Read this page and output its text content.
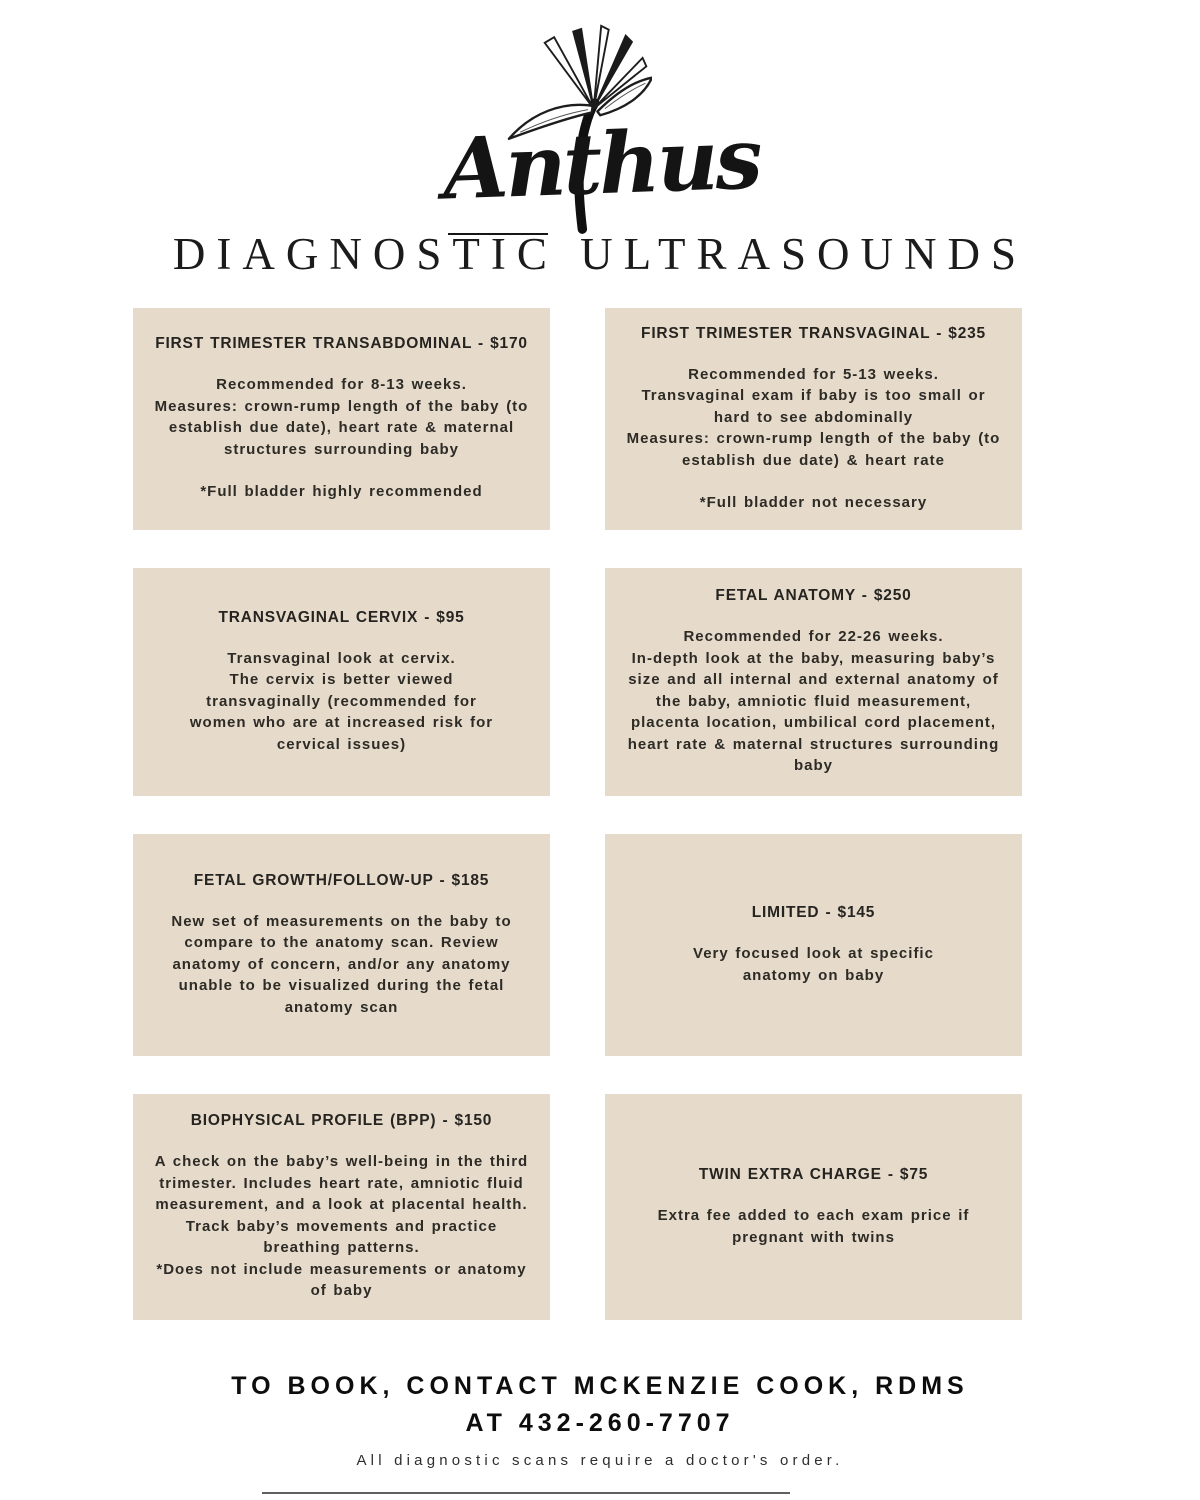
Anthus
DIAGNOSTIC ULTRASOUNDS
FIRST TRIMESTER TRANSABDOMINAL - $170

Recommended for 8-13 weeks.

Measures: crown-rump length of the baby (to establish due date), heart rate & maternal structures surrounding baby

*Full bladder highly recommended

FIRST TRIMESTER TRANSVAGINAL - $235

Recommended for 5-13 weeks.

Transvaginal exam if baby is too small or hard to see abdominally

Measures: crown-rump length of the baby (to establish due date) & heart rate

*Full bladder not necessary

TRANSVAGINAL CERVIX - $95

Transvaginal look at cervix.

The cervix is better viewed transvaginally (recommended for women who are at increased risk for cervical issues)

FETAL ANATOMY - $250

Recommended for 22-26 weeks.

In-depth look at the baby, measuring baby’s size and all internal and external anatomy of the baby, amniotic fluid measurement, placenta location, umbilical cord placement, heart rate & maternal structures surrounding baby

FETAL GROWTH/FOLLOW-UP - $185

New set of measurements on the baby to compare to the anatomy scan. Review anatomy of concern, and/or any anatomy unable to be visualized during the fetal anatomy scan

LIMITED - $145

Very focused look at specific anatomy on baby

BIOPHYSICAL PROFILE (BPP) - $150

A check on the baby’s well-being in the third trimester. Includes heart rate, amniotic fluid measurement, and a look at placental health. Track baby’s movements and practice breathing patterns.

*Does not include measurements or anatomy of baby

TWIN EXTRA CHARGE - $75

Extra fee added to each exam price if pregnant with twins

TO BOOK, CONTACT MCKENZIE COOK, RDMS
AT 432-260-7707
All diagnostic scans require a doctor's order.
